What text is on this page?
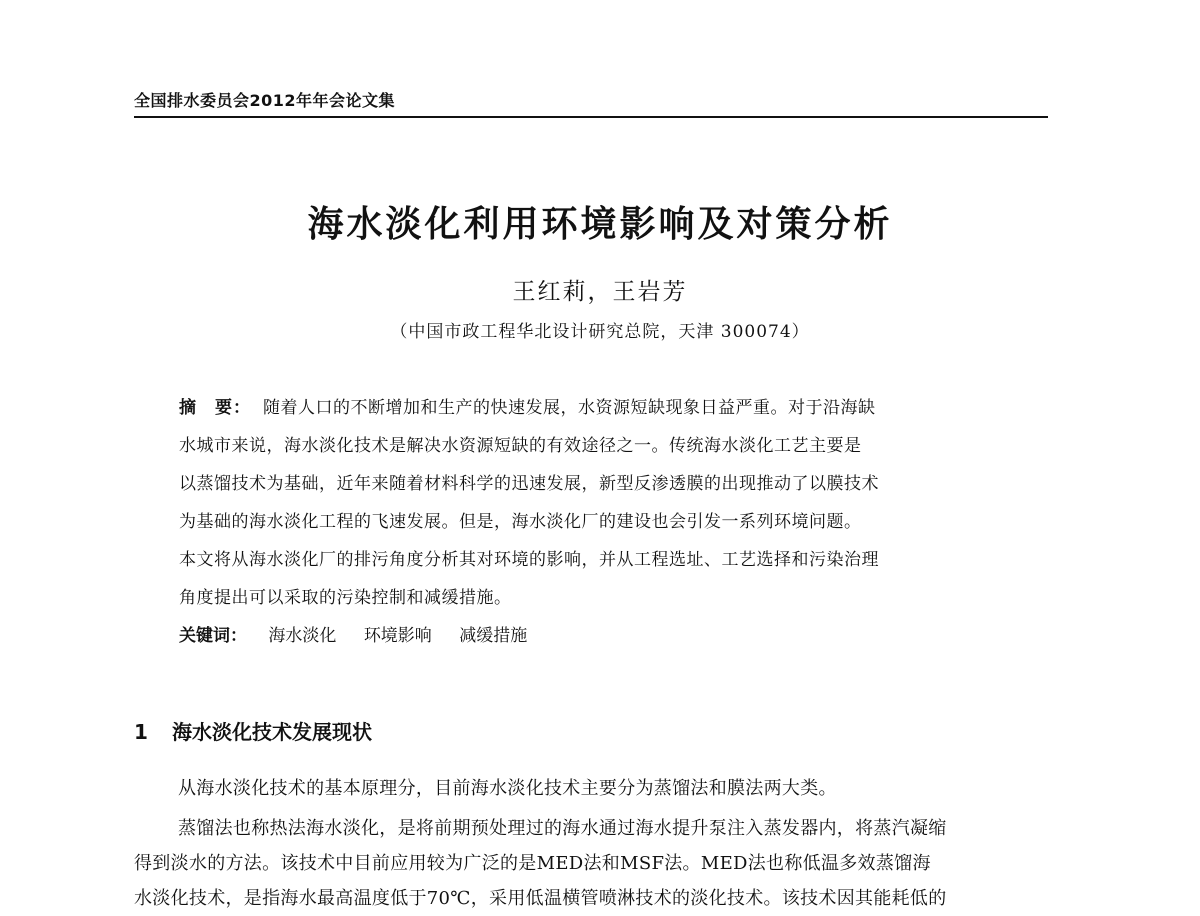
全国排水委员会2012年年会论文集
海水淡化利用环境影响及对策分析
王红莉，王岩芳
（中国市政工程华北设计研究总院，天津 300074）
摘　要： 随着人口的不断增加和生产的快速发展，水资源短缺现象日益严重。对于沿海缺
水城市来说，海水淡化技术是解决水资源短缺的有效途径之一。传统海水淡化工艺主要是
以蒸馏技术为基础，近年来随着材料科学的迅速发展，新型反渗透膜的出现推动了以膜技术
为基础的海水淡化工程的飞速发展。但是，海水淡化厂的建设也会引发一系列环境问题。
本文将从海水淡化厂的排污角度分析其对环境的影响，并从工程选址、工艺选择和污染治理
角度提出可以采取的污染控制和减缓措施。
关键词： 海水淡化 环境影响 减缓措施
1 海水淡化技术发展现状
从海水淡化技术的基本原理分，目前海水淡化技术主要分为蒸馏法和膜法两大类。
蒸馏法也称热法海水淡化，是将前期预处理过的海水通过海水提升泵注入蒸发器内，将蒸汽凝缩
得到淡水的方法。该技术中目前应用较为广泛的是MED法和MSF法。MED法也称低温多效蒸馏海
水淡化技术，是指海水最高温度低于70℃，采用低温横管喷淋技术的淡化技术。该技术因其能耗低的
